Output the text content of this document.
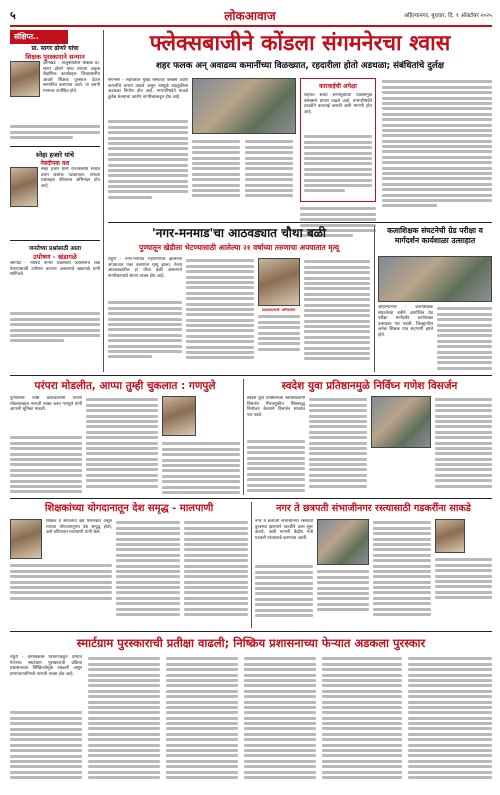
५	लोकआवाज	अहिल्यानगर, बुधवार, दि. १ ऑक्टोबर २०२५
संक्षिप्त..
प्रा. सागर ढोणरे यांचा
शिक्षक पुरस्काराने सन्मान
जामखेड - तालुक्यातील शिक्षक प्रा. सागर ढोणरे यांना त्यांच्या उत्कृष्ट शैक्षणिक कार्याबद्दल जिल्हास्तरीय आदर्श शिक्षक पुरस्कार देऊन सन्मानित करण्यात आले. या प्रसंगी मान्यवर उपस्थित होते.
स्नेहा हजारे यांचे
नेत्रदीपक यश
स्नेहा हजारे यांनी राज्यस्तरीय स्पर्धेत प्रथम क्रमांक पटकावला. त्यांच्या यशाबद्दल परिसरात अभिनंदन होत आहे.
जनतेच्या प्रश्नांसाठी आता
उपोषण - खंडागळे
श्रीगोंदा - विविध नागरी प्रश्नांसाठी प्रशासनाचे लक्ष वेधण्यासाठी उपोषण करणार असल्याचे खंडागळे यांनी सांगितले.
फ्लेक्सबाजीने कोंडला संगमनेरचा श्वास
शहर फलक अन् अवाढव्य कमानींच्या विळख्यात, रहदारीला होतो अडथळा; संबंधितांचे दुर्लक्ष
संगमनेर - शहरातील मुख्य रस्त्यांवर फ्लेक्स आणि कमानींचे प्रमाण वाढले असून त्यामुळे वाहतुकीला अडथळा निर्माण होत आहे. नगरपरिषदेने याकडे दुर्लक्ष केल्याचा आरोप नागरिकांकडून होत आहे.
कारवाईची अपेक्षा
शहरात सध्या सणासुदीच्या दिवसांमुळे फ्लेक्सचे प्रमाण वाढले आहे. नगरपरिषदेने तातडीने कारवाई करावी अशी मागणी होत आहे.
'नगर-मनमाड'चा आठवड्यात चौथा बळी
पुण्यातून खेडीला भेटण्यासाठी आलेल्या २१ वर्षाच्या तरुणाचा अपघातात मृत्यू
राहुरी - नगर-मनमाड महामार्गावर झालेल्या अपघातात एका तरुणाचा मृत्यू झाला. गेल्या आठवड्यातील हा चौथा बळी असल्याने नागरिकांमध्ये संताप व्यक्त होत आहे.
व्यवस्थापनाची 'अनिवार्यता'
कलाशिक्षक संघटनेची ग्रेड परीक्षा व मार्गदर्शन कार्यशाळा उत्साहात
अहिल्यानगर - कलाशिक्षक संघटनेच्या वतीने आयोजित ग्रेड परीक्षा मार्गदर्शन कार्यशाळा उत्साहात पार पडली. जिल्ह्यातील अनेक शिक्षक यात सहभागी झाले होते.
परंपरा मोडलीत, आप्पा तुम्ही चुकलात : गणपुले
पुण्यातील ज्येष्ठ कार्यकर्त्यांनी परंपरा मोडल्याबद्दल नाराजी व्यक्त करत गणपुले यांनी आपली भूमिका मांडली.
स्वदेश युवा प्रतिष्ठानमुळे निर्विघ्न गणेश विसर्जन
स्वदेश युवा प्रतिष्ठानच्या स्वयंसेवकांनी विसर्जन मिरवणुकीत शिस्तबद्ध नियोजन केल्याने विसर्जन शांततेत पार पडले.
शिक्षकांच्या योगदानातून देश समृद्ध - मालपाणी
शिक्षक हे समाजाचे खरे शिल्पकार असून त्यांच्या योगदानातूनच देश समृद्ध होतो, असे प्रतिपादन मालपाणी यांनी केले.
नगर ते छत्रपती संभाजीनगर रस्त्यासाठी गडकरींना साकडे
नगर ते छत्रपती संभाजीनगर रस्त्याची दुरवस्था झाल्याने तातडीने काम सुरू करावे, अशी मागणी केंद्रीय मंत्री गडकरी यांच्याकडे करण्यात आली.
स्मार्टग्राम पुरस्काराची प्रतीक्षा वाढली; निष्क्रिय प्रशासनाच्या फेऱ्यात अडकला पुरस्कार
राहुरी - ग्रामविकास विभागाकडून देण्यात येणाऱ्या स्मार्टग्राम पुरस्काराची प्रक्रिया प्रशासनाच्या निष्क्रियतेमुळे रखडली असून ग्रामपंचायतींमध्ये नाराजी व्यक्त होत आहे.
